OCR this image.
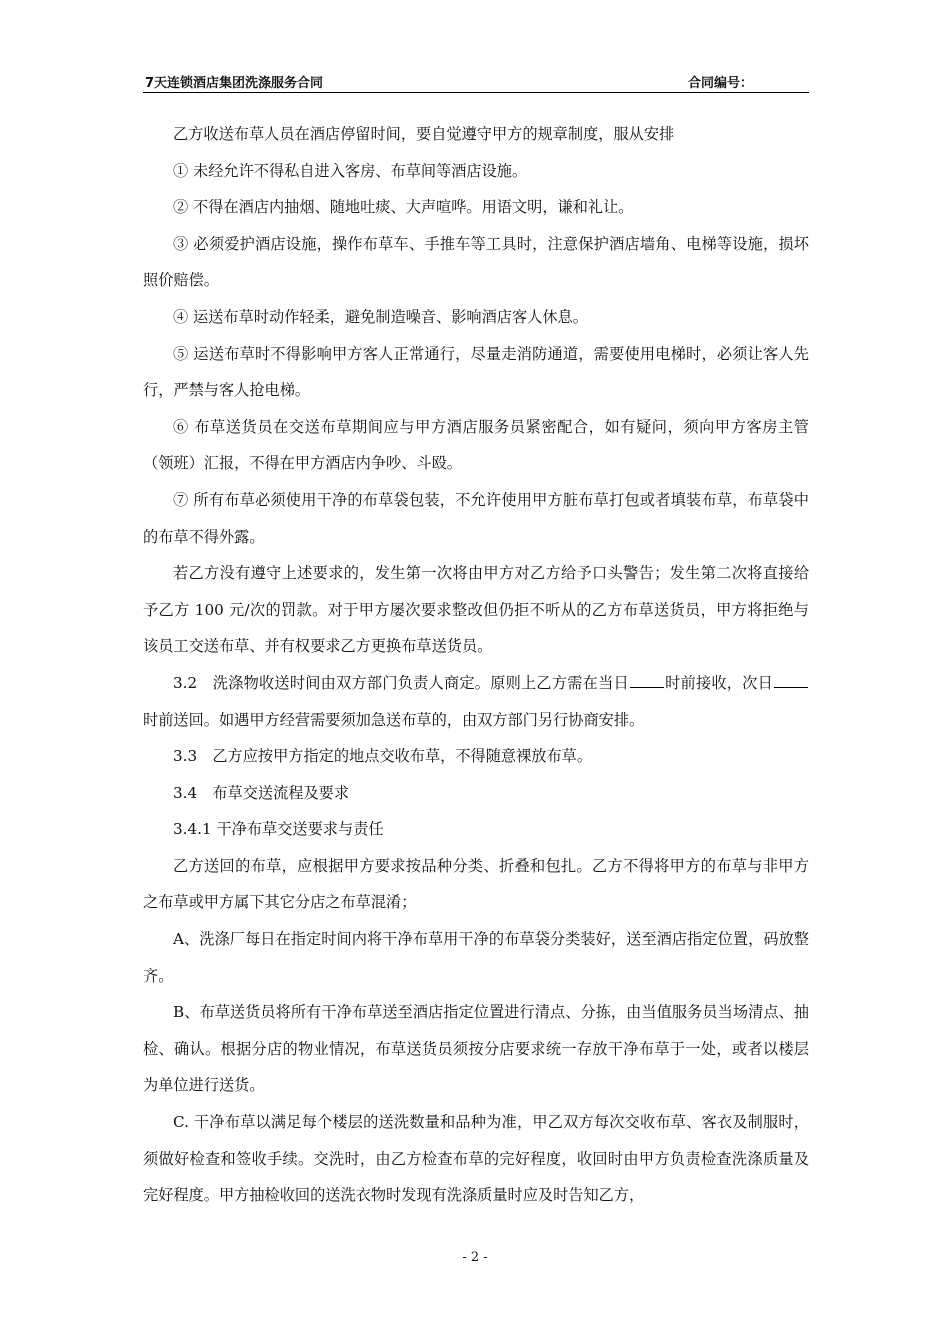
7天连锁酒店集团洗涤服务合同	合同编号：

乙方收送布草人员在酒店停留时间，要自觉遵守甲方的规章制度，服从安排

① 未经允许不得私自进入客房、布草间等酒店设施。

② 不得在酒店内抽烟、随地吐痰、大声喧哗。用语文明，谦和礼让。

③ 必须爱护酒店设施，操作布草车、手推车等工具时，注意保护酒店墙角、电梯等设施，损坏照价赔偿。

④ 运送布草时动作轻柔，避免制造噪音、影响酒店客人休息。

⑤ 运送布草时不得影响甲方客人正常通行，尽量走消防通道，需要使用电梯时，必须让客人先行，严禁与客人抢电梯。

⑥ 布草送货员在交送布草期间应与甲方酒店服务员紧密配合，如有疑问，须向甲方客房主管（领班）汇报，不得在甲方酒店内争吵、斗殴。

⑦ 所有布草必须使用干净的布草袋包装，不允许使用甲方脏布草打包或者填装布草，布草袋中的布草不得外露。

若乙方没有遵守上述要求的，发生第一次将由甲方对乙方给予口头警告；发生第二次将直接给予乙方 100 元/次的罚款。对于甲方屡次要求整改但仍拒不听从的乙方布草送货员，甲方将拒绝与该员工交送布草、并有权要求乙方更换布草送货员。

3.2　洗涤物收送时间由双方部门负责人商定。原则上乙方需在当日 时前接收，次日时前送回。如遇甲方经营需要须加急送布草的，由双方部门另行协商安排。

3.3　乙方应按甲方指定的地点交收布草，不得随意裸放布草。

3.4　布草交送流程及要求

3.4.1 干净布草交送要求与责任

乙方送回的布草，应根据甲方要求按品种分类、折叠和包扎。乙方不得将甲方的布草与非甲方之布草或甲方属下其它分店之布草混淆；

A、洗涤厂每日在指定时间内将干净布草用干净的布草袋分类装好，送至酒店指定位置，码放整齐。

B、布草送货员将所有干净布草送至酒店指定位置进行清点、分拣，由当值服务员当场清点、抽检、确认。根据分店的物业情况，布草送货员须按分店要求统一存放干净布草于一处，或者以楼层为单位进行送货。

C. 干净布草以满足每个楼层的送洗数量和品种为准，甲乙双方每次交收布草、客衣及制服时，须做好检查和签收手续。交洗时，由乙方检查布草的完好程度，收回时由甲方负责检查洗涤质量及完好程度。甲方抽检收回的送洗衣物时发现有洗涤质量时应及时告知乙方，

- 2 -
